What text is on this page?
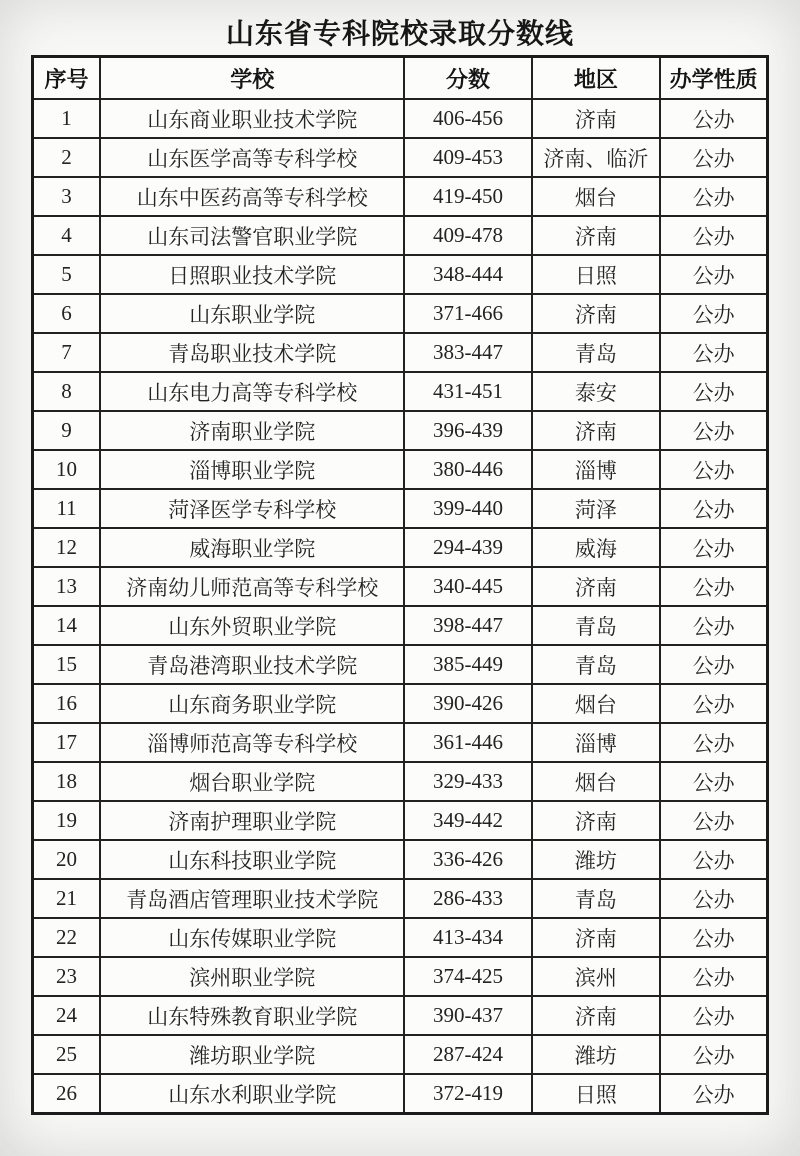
山东省专科院校录取分数线
序号	学校	分数	地区	办学性质
1	山东商业职业技术学院	406-456	济南	公办
2	山东医学高等专科学校	409-453	济南、临沂	公办
3	山东中医药高等专科学校	419-450	烟台	公办
4	山东司法警官职业学院	409-478	济南	公办
5	日照职业技术学院	348-444	日照	公办
6	山东职业学院	371-466	济南	公办
7	青岛职业技术学院	383-447	青岛	公办
8	山东电力高等专科学校	431-451	泰安	公办
9	济南职业学院	396-439	济南	公办
10	淄博职业学院	380-446	淄博	公办
11	菏泽医学专科学校	399-440	菏泽	公办
12	威海职业学院	294-439	威海	公办
13	济南幼儿师范高等专科学校	340-445	济南	公办
14	山东外贸职业学院	398-447	青岛	公办
15	青岛港湾职业技术学院	385-449	青岛	公办
16	山东商务职业学院	390-426	烟台	公办
17	淄博师范高等专科学校	361-446	淄博	公办
18	烟台职业学院	329-433	烟台	公办
19	济南护理职业学院	349-442	济南	公办
20	山东科技职业学院	336-426	潍坊	公办
21	青岛酒店管理职业技术学院	286-433	青岛	公办
22	山东传媒职业学院	413-434	济南	公办
23	滨州职业学院	374-425	滨州	公办
24	山东特殊教育职业学院	390-437	济南	公办
25	潍坊职业学院	287-424	潍坊	公办
26	山东水利职业学院	372-419	日照	公办
